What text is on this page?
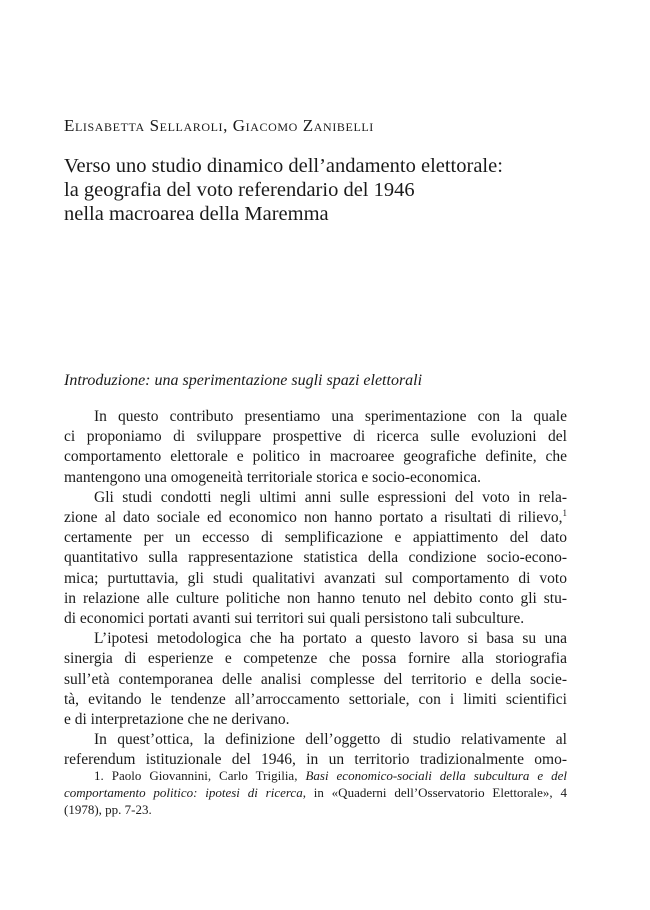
Elisabetta Sellaroli, Giacomo Zanibelli
Verso uno studio dinamico dell’andamento elettorale:
la geografia del voto referendario del 1946
nella macroarea della Maremma
Introduzione: una sperimentazione sugli spazi elettorali
In questo contributo presentiamo una sperimentazione con la quale
ci proponiamo di sviluppare prospettive di ricerca sulle evoluzioni del
comportamento elettorale e politico in macroaree geografiche definite, che
mantengono una omogeneità territoriale storica e socio-economica.
Gli studi condotti negli ultimi anni sulle espressioni del voto in rela-
zione al dato sociale ed economico non hanno portato a risultati di rilievo,$^1$
certamente per un eccesso di semplificazione e appiattimento del dato
quantitativo sulla rappresentazione statistica della condizione socio-econo-
mica; purtuttavia, gli studi qualitativi avanzati sul comportamento di voto
in relazione alle culture politiche non hanno tenuto nel debito conto gli stu-
di economici portati avanti sui territori sui quali persistono tali subculture.
L’ipotesi metodologica che ha portato a questo lavoro si basa su una
sinergia di esperienze e competenze che possa fornire alla storiografia
sull’età contemporanea delle analisi complesse del territorio e della socie-
tà, evitando le tendenze all’arroccamento settoriale, con i limiti scientifici
e di interpretazione che ne derivano.
In quest’ottica, la definizione dell’oggetto di studio relativamente al
referendum istituzionale del 1946, in un territorio tradizionalmente omo-
1. Paolo Giovannini, Carlo Trigilia, Basi economico-sociali della subcultura e del
comportamento politico: ipotesi di ricerca, in «Quaderni dell’Osservatorio Elettorale», 4
(1978), pp. 7-23.
